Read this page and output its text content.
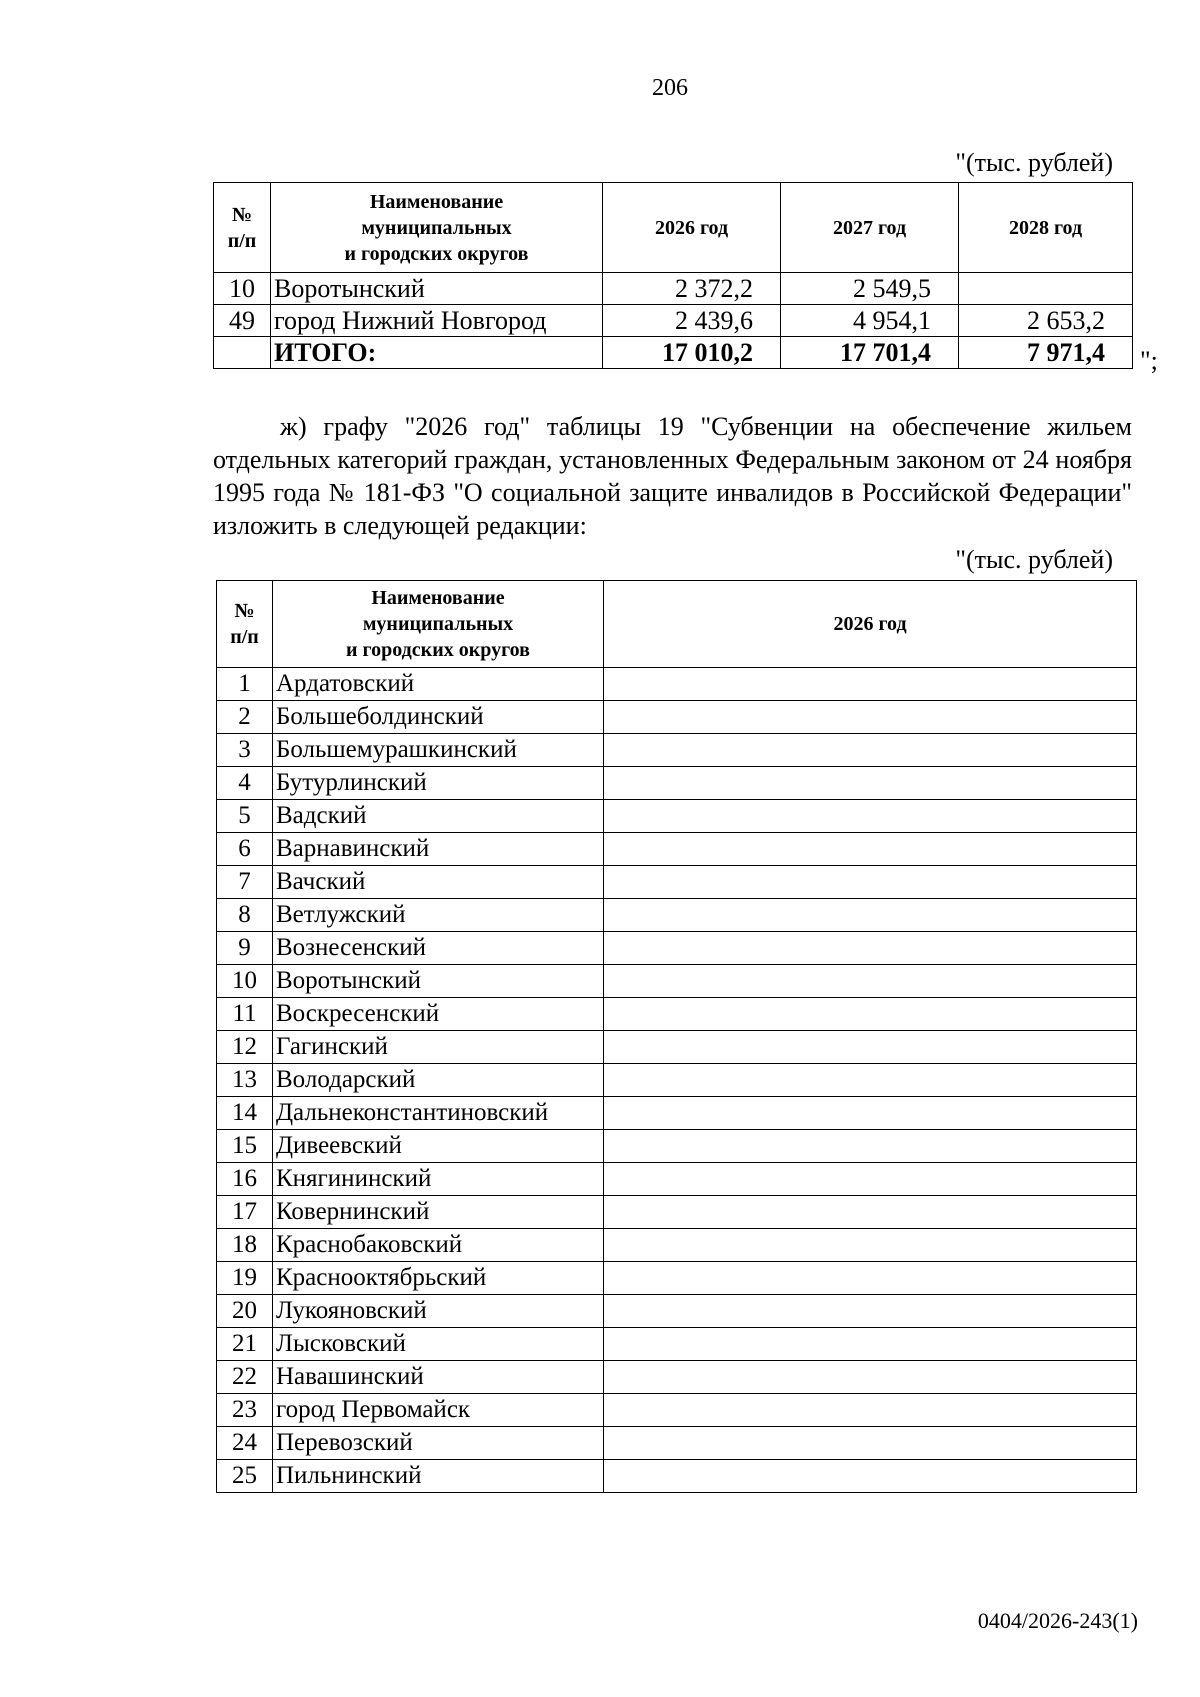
206
"(тыс. рублей)
№
п/п	Наименование
муниципальных
и городских округов	2026 год	2027 год	2028 год
10	Воротынский	2 372,2	2 549,5	
49	город Нижний Новгород	2 439,6	4 954,1	2 653,2
	ИТОГО:	17 010,2	17 701,4	7 971,4 ";
ж) графу "2026 год" таблицы 19 "Субвенции на обеспечение жильем отдельных категорий граждан, установленных Федеральным законом от 24 ноября 1995 года № 181-ФЗ "О социальной защите инвалидов в Российской Федерации" изложить в следующей редакции:
"(тыс. рублей)
№
п/п	Наименование
муниципальных
и городских округов	2026 год
1	Ардатовский	
2	Большеболдинский	
3	Большемурашкинский	
4	Бутурлинский	
5	Вадский	
6	Варнавинский	
7	Вачский	
8	Ветлужский	
9	Вознесенский	
10	Воротынский	
11	Воскресенский	
12	Гагинский	
13	Володарский	
14	Дальнеконстантиновский	
15	Дивеевский	
16	Княгининский	
17	Ковернинский	
18	Краснобаковский	
19	Краснооктябрьский	
20	Лукояновский	
21	Лысковский	
22	Навашинский	
23	город Первомайск	
24	Перевозский	
25	Пильнинский	
0404/2026-243(1)
